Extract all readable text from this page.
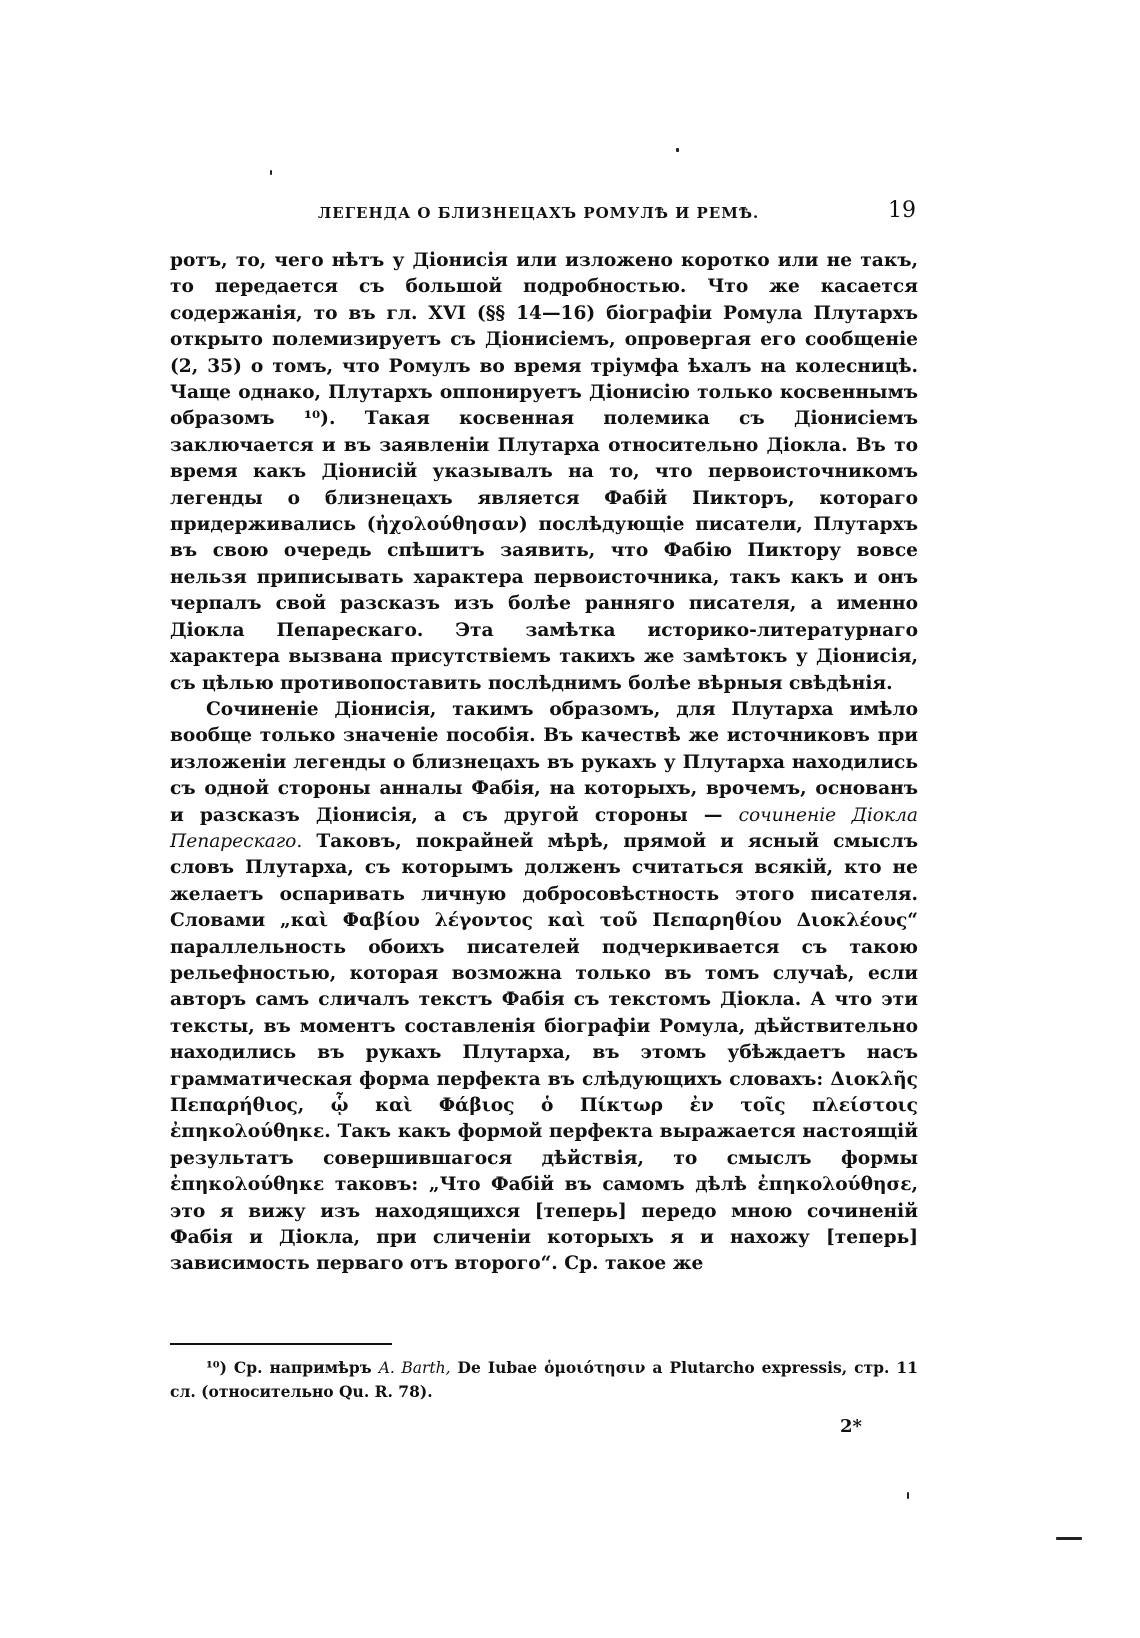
ЛЕГЕНДА О БЛИЗНЕЦАХЪ РОМУЛѢ И РЕМѢ.	19

ротъ, то, чего нѣтъ у Діонисія или изложено коротко или не такъ, то передается съ большой подробностью. Что же касается содержанія, то въ гл. XVI (§§ 14—16) біографіи Ромула Плутархъ открыто полемизируетъ съ Діонисіемъ, опровергая его сообщеніе (2, 35) о томъ, что Ромулъ во время тріумфа ѣхалъ на колесницѣ. Чаще однако, Плутархъ оппонируетъ Діонисію только косвеннымъ образомъ ¹⁰). Такая косвенная полемика съ Діонисіемъ заключается и въ заявленіи Плутарха относительно Діокла. Въ то время какъ Діонисій указывалъ на то, что первоисточникомъ легенды о близнецахъ является Фабій Пикторъ, котораго придерживались (ἠχολούθησαν) послѣдующіе писатели, Плутархъ въ свою очередь спѣшитъ заявить, что Фабію Пиктору вовсе нельзя приписывать характера первоисточника, такъ какъ и онъ черпалъ свой разсказъ изъ болѣе ранняго писателя, а именно Діокла Пепарескаго. Эта замѣтка историко-литературнаго характера вызвана присутствіемъ такихъ же замѣтокъ у Діонисія, съ цѣлью противопоставить послѣднимъ болѣе вѣрныя свѣдѣнія.

Сочиненіе Діонисія, такимъ образомъ, для Плутарха имѣло вообще только значеніе пособія. Въ качествѣ же источниковъ при изложеніи легенды о близнецахъ въ рукахъ у Плутарха находились съ одной стороны анналы Фабія, на которыхъ, врочемъ, основанъ и разсказъ Діонисія, а съ другой стороны — сочиненіе Діокла Пепарескаго. Таковъ, покрайней мѣрѣ, прямой и ясный смыслъ словъ Плутарха, съ которымъ долженъ считаться всякій, кто не желаетъ оспаривать личную добросовѣстность этого писателя. Словами „καὶ Φαβίου λέγοντος καὶ τοῦ Πεπαρηθίου Διοκλέους“ параллельность обоихъ писателей подчеркивается съ такою рельефностью, которая возможна только въ томъ случаѣ, если авторъ самъ сличалъ текстъ Фабія съ текстомъ Діокла. А что эти тексты, въ моментъ составленія біографіи Ромула, дѣйствительно находились въ рукахъ Плутарха, въ этомъ убѣждаетъ насъ грамматическая форма перфекта въ слѣдующихъ словахъ: Διοκλῆς Πεπαρήθιος, ᾧ καὶ Φάβιος ὁ Πίκτωρ ἐν τοῖς πλείστοις ἐπηκολούθηκε. Такъ какъ формой перфекта выражается настоящій результатъ совершившагося дѣйствія, то смыслъ формы ἐπηκολούθηκε таковъ: „Что Фабій въ самомъ дѣлѣ ἐπηκολούθησε, это я вижу изъ находящихся [теперь] передо мною сочиненій Фабія и Діокла, при сличеніи которыхъ я и нахожу [теперь] зависимость перваго отъ второго“. Ср. такое же

¹⁰) Ср. напримѣръ A. Barth, De Iubae ὁμοιότησιν a Plutarcho expressis, стр. 11 сл. (относительно Qu. R. 78).
2*
